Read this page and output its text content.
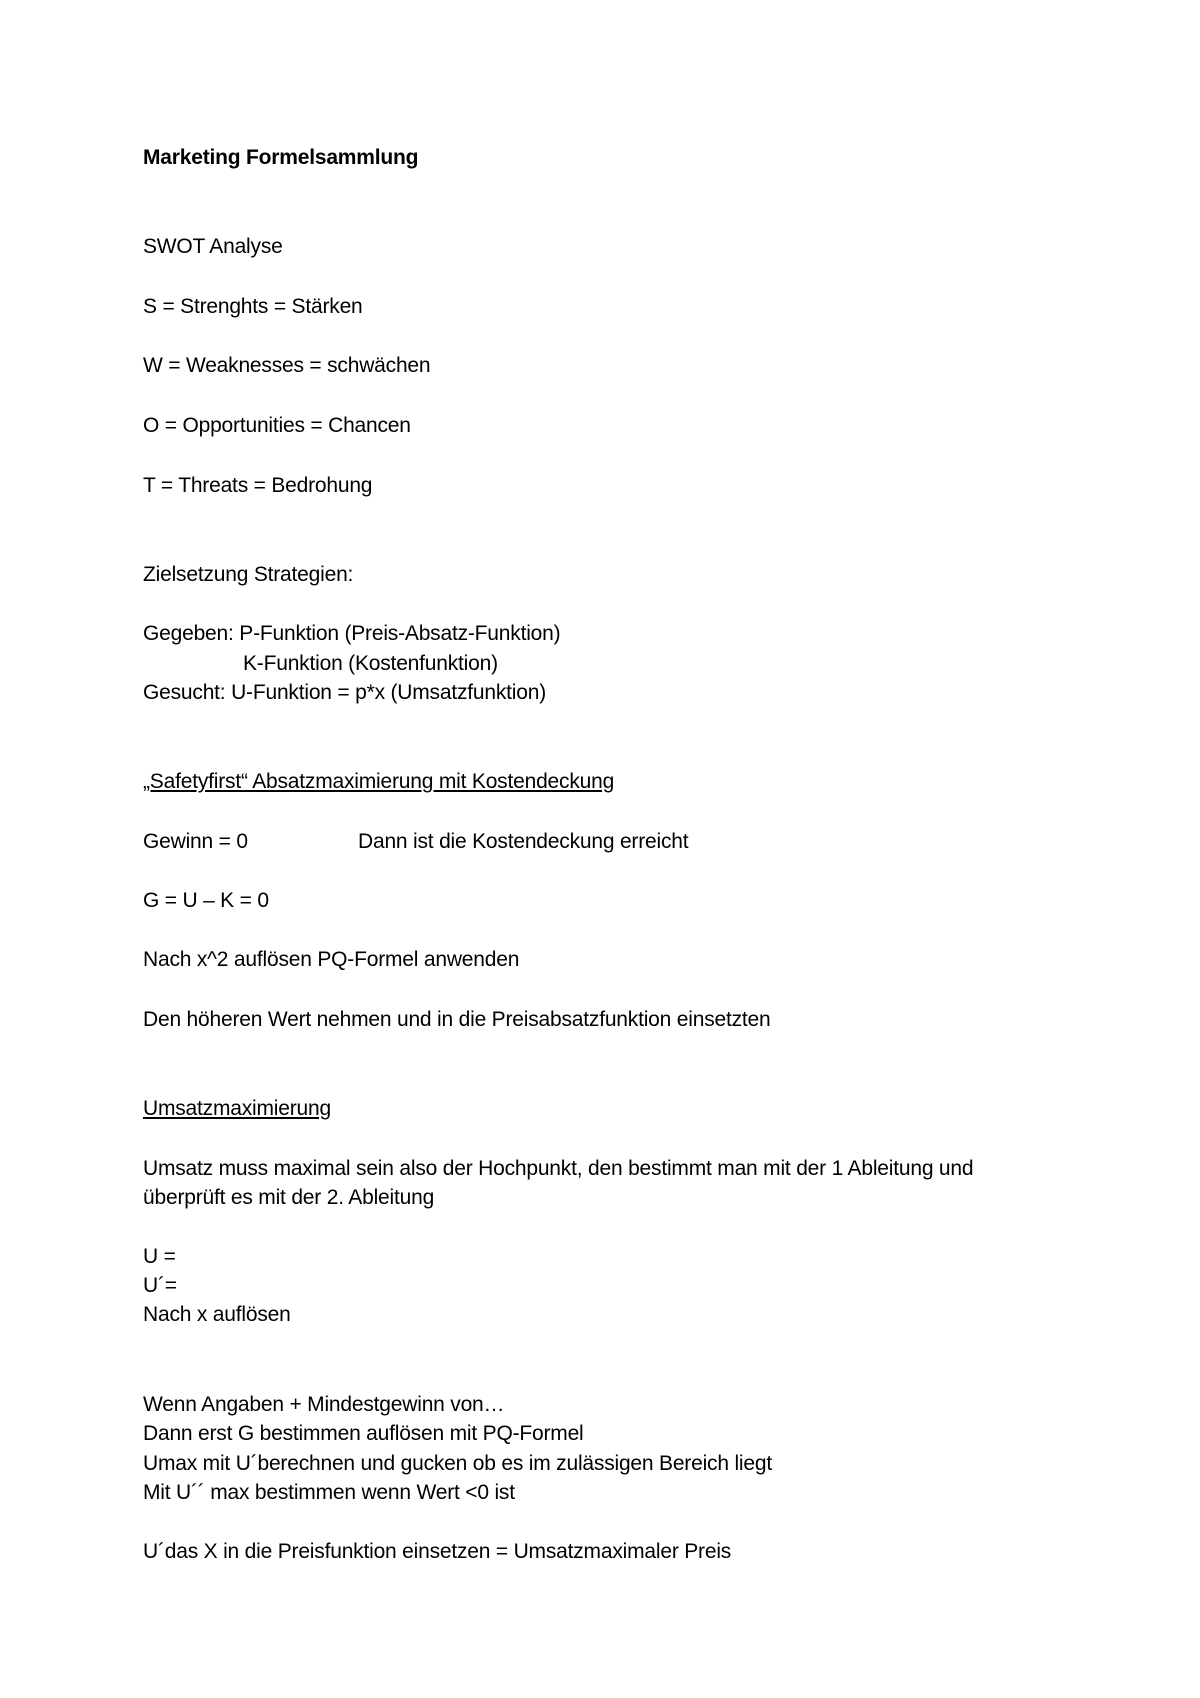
Marketing Formelsammlung
SWOT Analyse
S = Strenghts = Stärken
W = Weaknesses = schwächen
O = Opportunities = Chancen
T = Threats = Bedrohung
Zielsetzung Strategien:
Gegeben: P-Funktion (Preis-Absatz-Funktion)
K-Funktion (Kostenfunktion)
Gesucht: U-Funktion = p*x (Umsatzfunktion)
„Safetyfirst“ Absatzmaximierung mit Kostendeckung
Gewinn = 0	Dann ist die Kostendeckung erreicht
G = U – K = 0
Nach x^2 auflösen PQ-Formel anwenden
Den höheren Wert nehmen und in die Preisabsatzfunktion einsetzten
Umsatzmaximierung
Umsatz muss maximal sein also der Hochpunkt, den bestimmt man mit der 1 Ableitung und
überprüft es mit der 2. Ableitung
U =
U´=
Nach x auflösen
Wenn Angaben + Mindestgewinn von…
Dann erst G bestimmen auflösen mit PQ-Formel
Umax mit U´berechnen und gucken ob es im zulässigen Bereich liegt
Mit U´´ max bestimmen wenn Wert <0 ist
U´das X in die Preisfunktion einsetzen = Umsatzmaximaler Preis
